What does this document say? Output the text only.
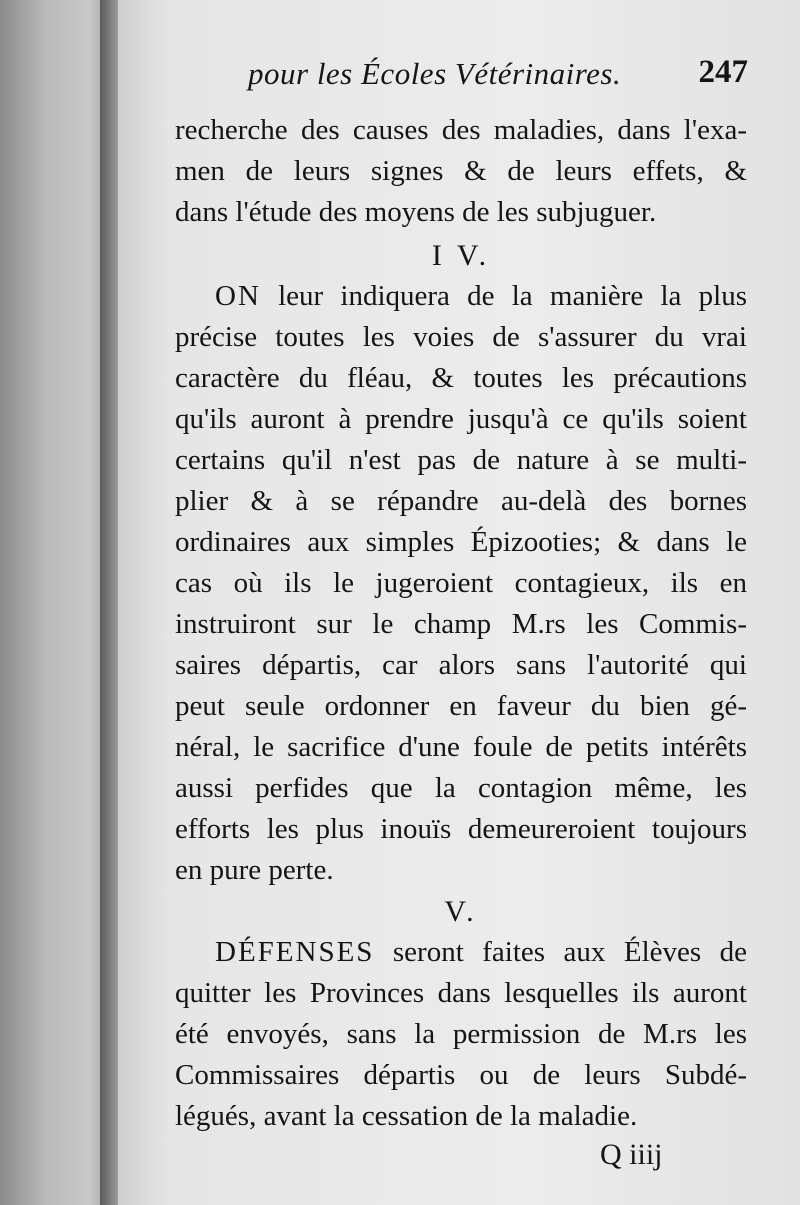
pour les Écoles Vétérinaires. 247
recherche des causes des maladies, dans l'exa-
men de leurs signes & de leurs effets, &
dans l'étude des moyens de les subjuguer.
I V.
ON leur indiquera de la manière la plus
précise toutes les voies de s'assurer du vrai
caractère du fléau, & toutes les précautions
qu'ils auront à prendre jusqu'à ce qu'ils soient
certains qu'il n'est pas de nature à se multi-
plier & à se répandre au-delà des bornes
ordinaires aux simples Épizooties; & dans le
cas où ils le jugeroient contagieux, ils en
instruiront sur le champ M.rs les Commis-
saires départis, car alors sans l'autorité qui
peut seule ordonner en faveur du bien gé-
néral, le sacrifice d'une foule de petits intérêts
aussi perfides que la contagion même, les
efforts les plus inouïs demeureroient toujours
en pure perte.
V.
DÉFENSES seront faites aux Élèves de
quitter les Provinces dans lesquelles ils auront
été envoyés, sans la permission de M.rs les
Commissaires départis ou de leurs Subdé-
légués, avant la cessation de la maladie.
Q iiij
